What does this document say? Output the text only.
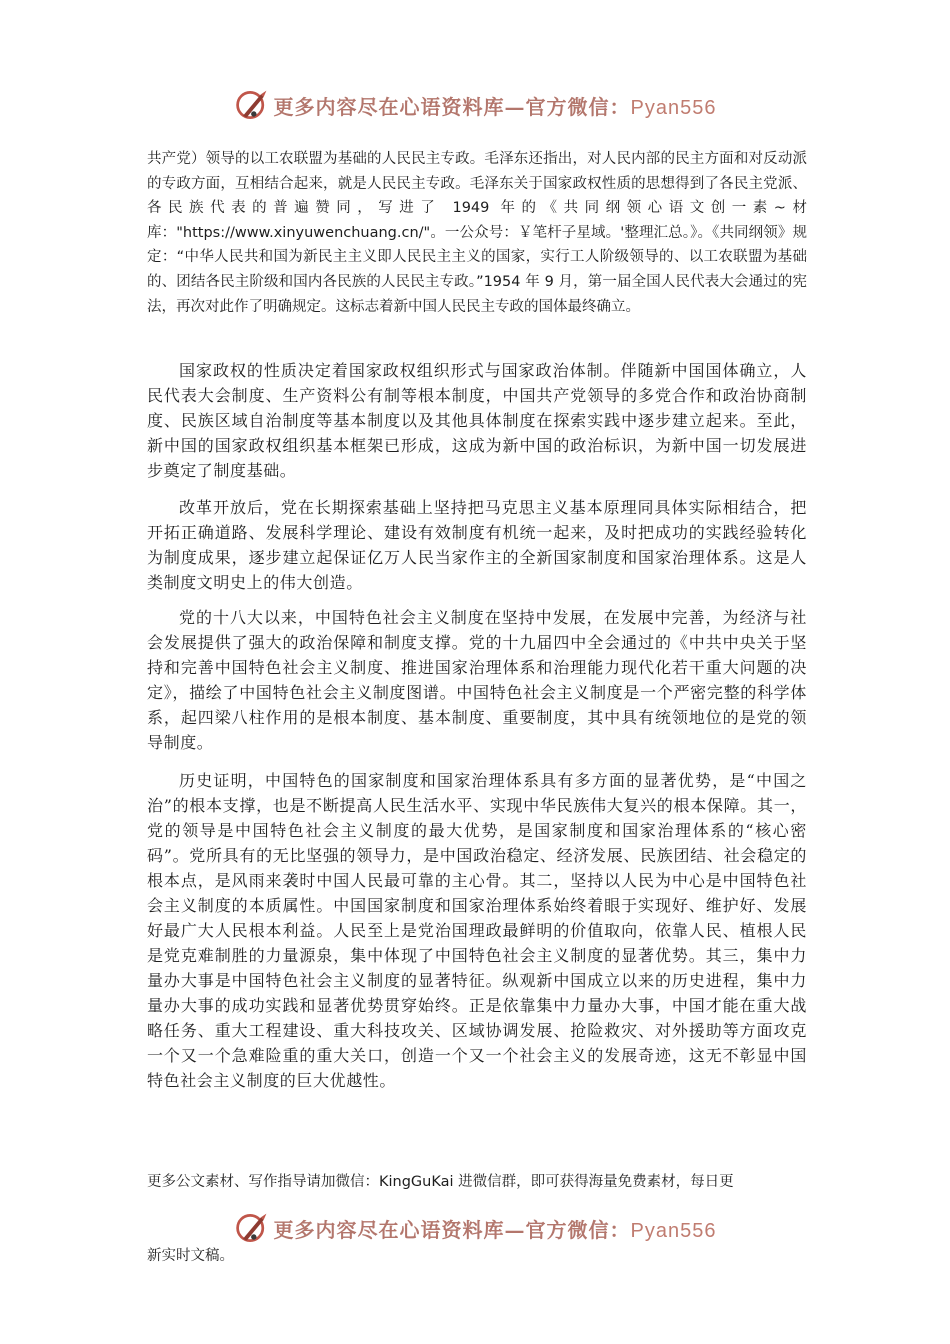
更多内容尽在心语资料库—官方微信：Pyan556

共产党）领导的以工农联盟为基础的人民民主专政。毛泽东还指出，对人民内部的民主方面和对反动派的专政方面，互相结合起来，就是人民民主专政。毛泽东关于国家政权性质的思想得到了各民主党派、各民族代表的普遍赞同，写进了 1949 年的《共同纲领心语文创一素~材库："https://www.xinyuwenchuang.cn/"。一公众号：￥笔杆子星域。'整理汇总。》。《共同纲领》规定：“中华人民共和国为新民主主义即人民民主主义的国家，实行工人阶级领导的、以工农联盟为基础的、团结各民主阶级和国内各民族的人民民主专政。”1954 年 9 月，第一届全国人民代表大会通过的宪法，再次对此作了明确规定。这标志着新中国人民民主专政的国体最终确立。

国家政权的性质决定着国家政权组织形式与国家政治体制。伴随新中国国体确立，人民代表大会制度、生产资料公有制等根本制度，中国共产党领导的多党合作和政治协商制度、民族区域自治制度等基本制度以及其他具体制度在探索实践中逐步建立起来。至此，新中国的国家政权组织基本框架已形成，这成为新中国的政治标识，为新中国一切发展进步奠定了制度基础。

改革开放后，党在长期探索基础上坚持把马克思主义基本原理同具体实际相结合，把开拓正确道路、发展科学理论、建设有效制度有机统一起来，及时把成功的实践经验转化为制度成果，逐步建立起保证亿万人民当家作主的全新国家制度和国家治理体系。这是人类制度文明史上的伟大创造。

党的十八大以来，中国特色社会主义制度在坚持中发展，在发展中完善，为经济与社会发展提供了强大的政治保障和制度支撑。党的十九届四中全会通过的《中共中央关于坚持和完善中国特色社会主义制度、推进国家治理体系和治理能力现代化若干重大问题的决定》，描绘了中国特色社会主义制度图谱。中国特色社会主义制度是一个严密完整的科学体系，起四梁八柱作用的是根本制度、基本制度、重要制度，其中具有统领地位的是党的领导制度。

历史证明，中国特色的国家制度和国家治理体系具有多方面的显著优势，是“中国之治”的根本支撑，也是不断提高人民生活水平、实现中华民族伟大复兴的根本保障。其一，党的领导是中国特色社会主义制度的最大优势，是国家制度和国家治理体系的“核心密码”。党所具有的无比坚强的领导力，是中国政治稳定、经济发展、民族团结、社会稳定的根本点，是风雨来袭时中国人民最可靠的主心骨。其二，坚持以人民为中心是中国特色社会主义制度的本质属性。中国国家制度和国家治理体系始终着眼于实现好、维护好、发展好最广大人民根本利益。人民至上是党治国理政最鲜明的价值取向，依靠人民、植根人民是党克难制胜的力量源泉，集中体现了中国特色社会主义制度的显著优势。其三，集中力量办大事是中国特色社会主义制度的显著特征。纵观新中国成立以来的历史进程，集中力量办大事的成功实践和显著优势贯穿始终。正是依靠集中力量办大事，中国才能在重大战略任务、重大工程建设、重大科技攻关、区域协调发展、抢险救灾、对外援助等方面攻克一个又一个急难险重的重大关口，创造一个又一个社会主义的发展奇迹，这无不彰显中国特色社会主义制度的巨大优越性。

更多公文素材、写作指导请加微信：KingGuKai 进微信群，即可获得海量免费素材，每日更

更多内容尽在心语资料库—官方微信：Pyan556

新实时文稿。
